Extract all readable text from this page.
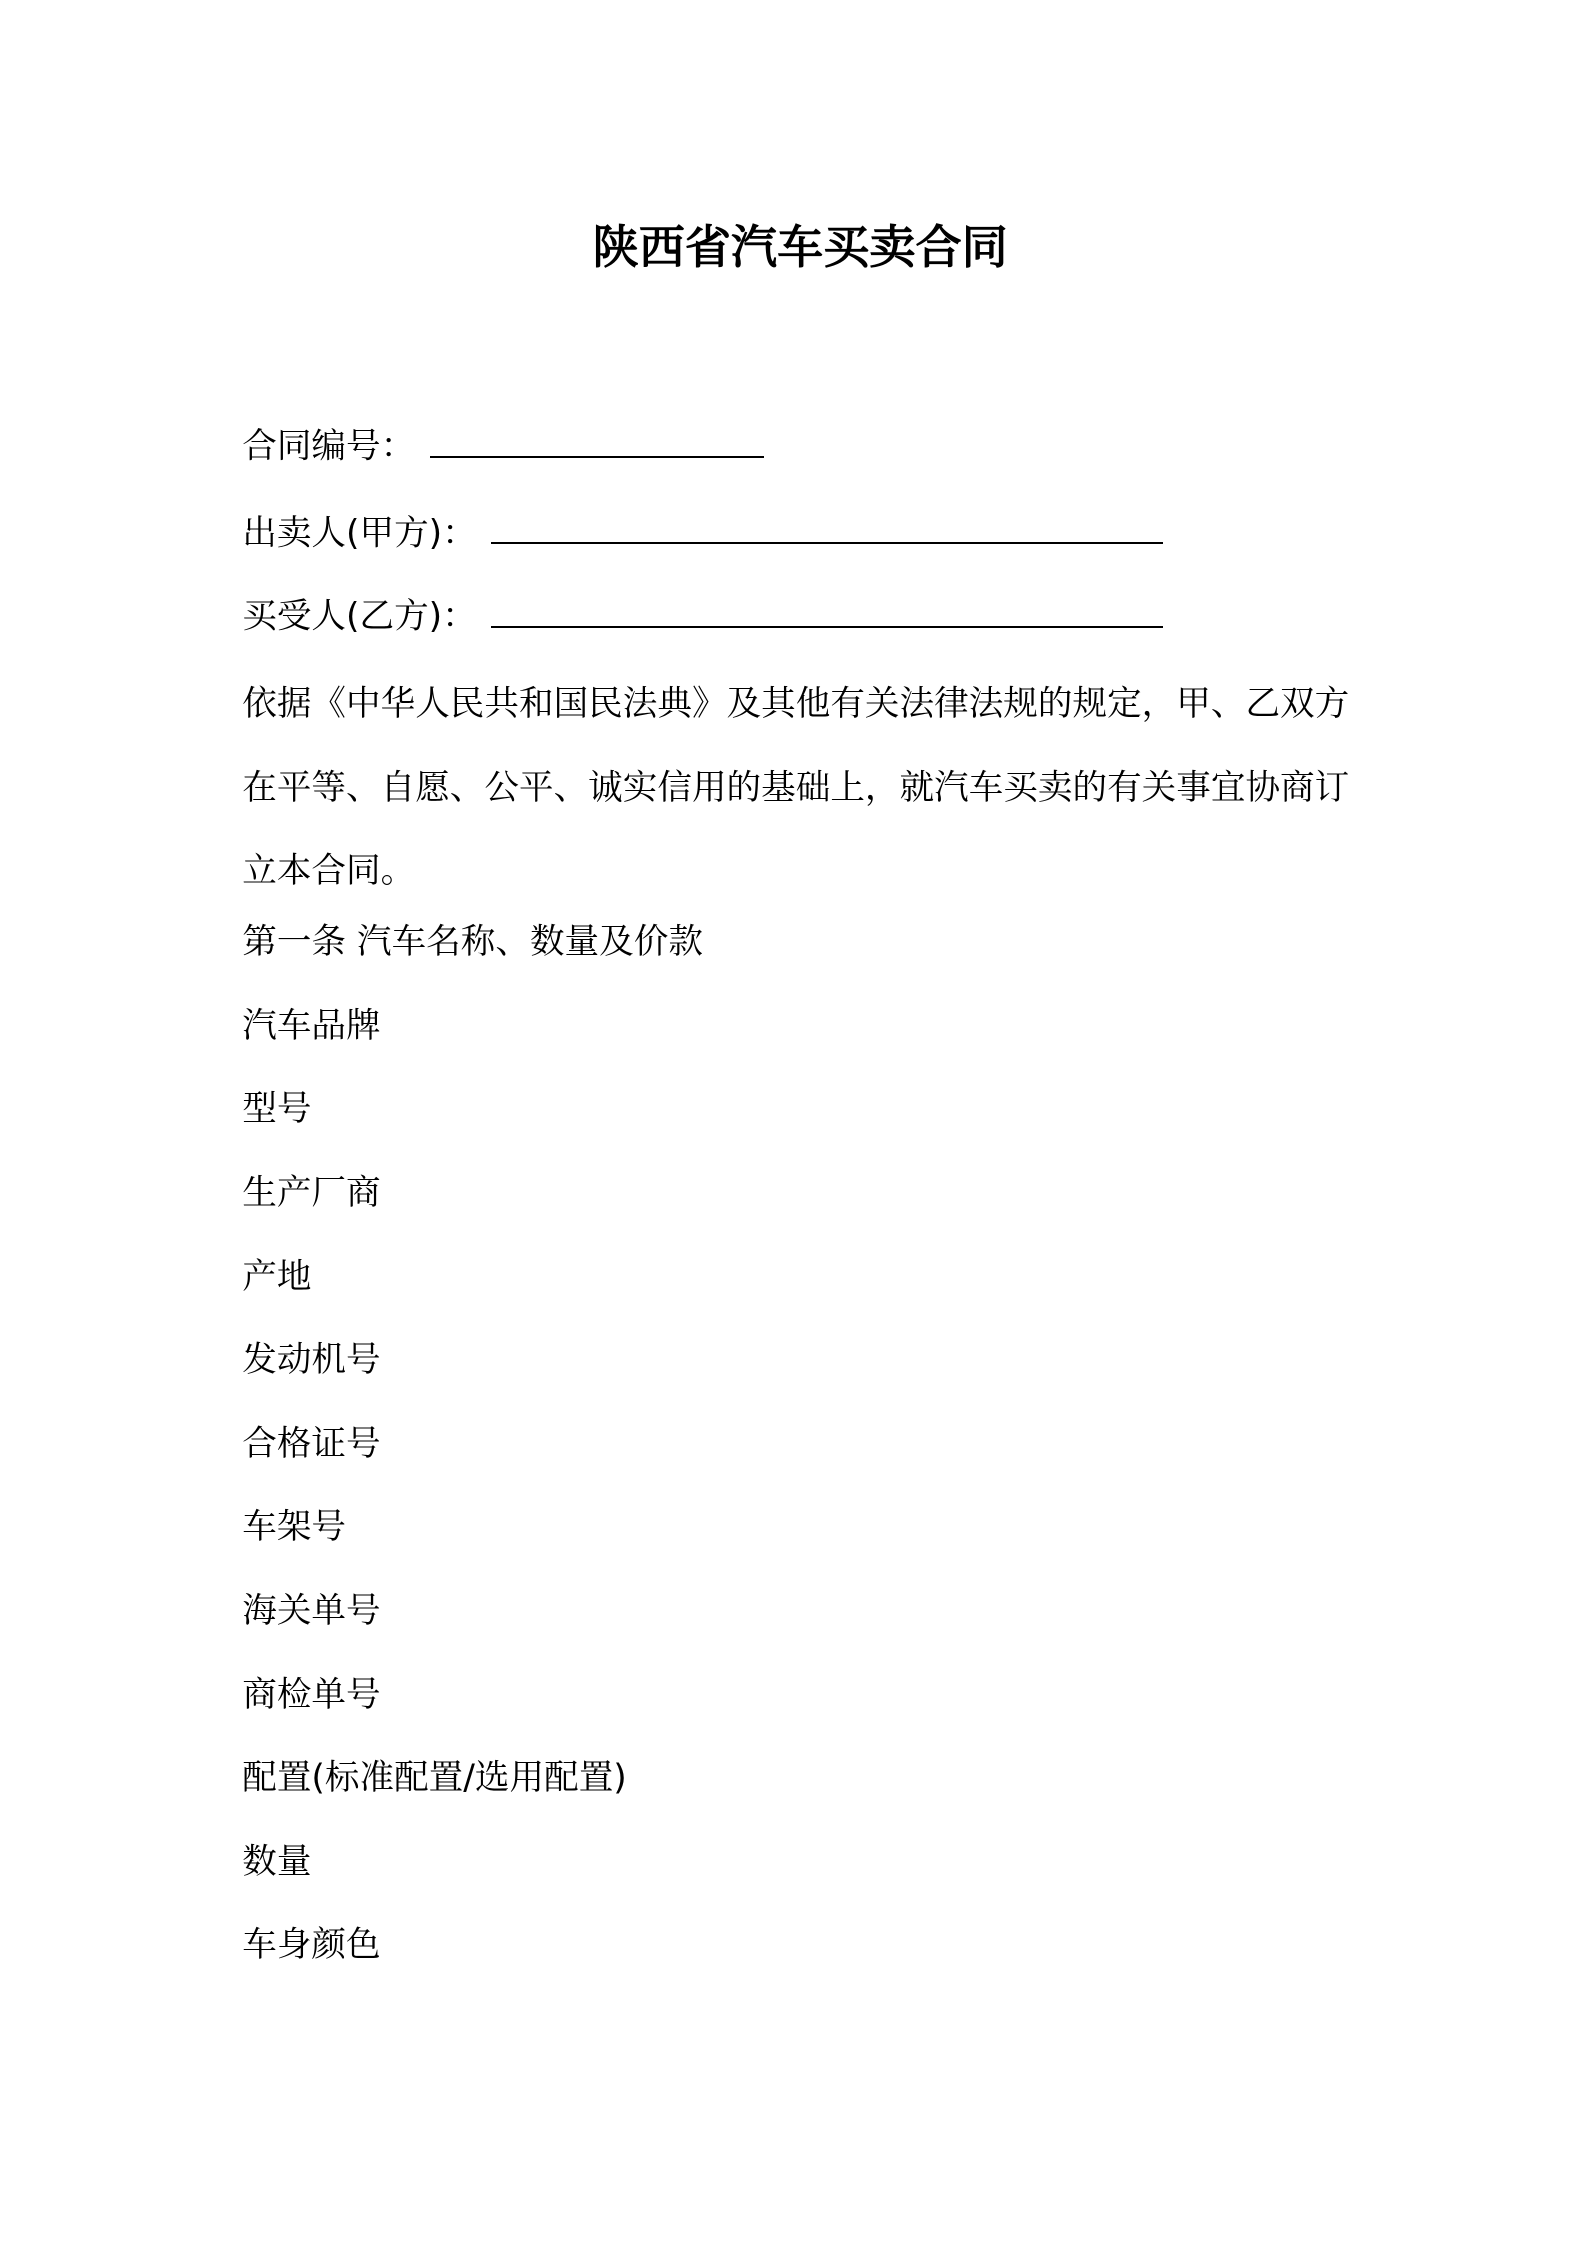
陕西省汽车买卖合同
合同编号：
出卖人(甲方)：
买受人(乙方)：

依据《中华人民共和国民法典》及其他有关法律法规的规定，甲、乙双方在平等、自愿、公平、诚实信用的基础上，就汽车买卖的有关事宜协商订立本合同。

第一条 汽车名称、数量及价款
汽车品牌
型号
生产厂商
产地
发动机号
合格证号
车架号
海关单号
商检单号
配置(标准配置/选用配置)
数量
车身颜色
